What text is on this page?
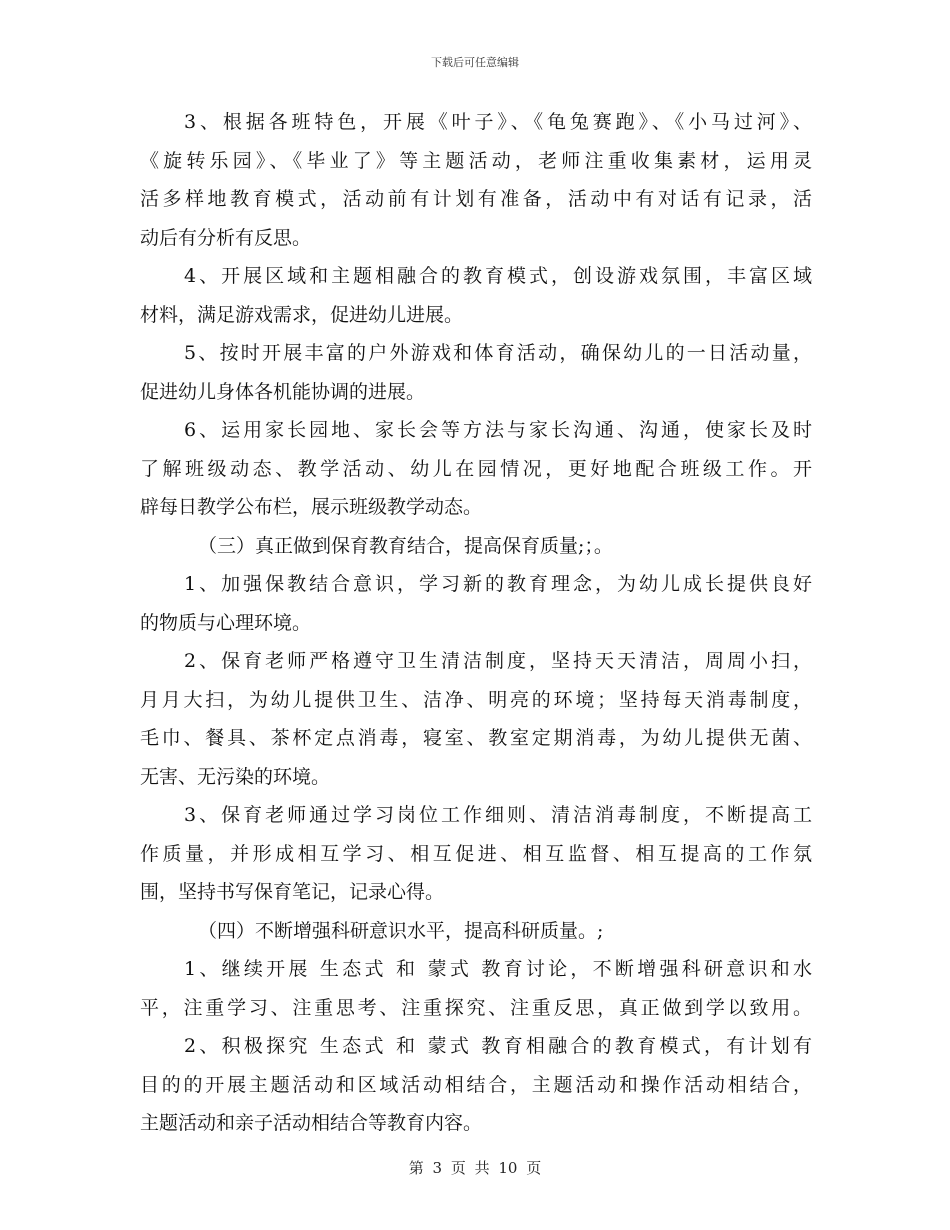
下载后可任意编辑
3、根据各班特色，开展《叶子》、《龟兔赛跑》、《小马过河》、
《旋转乐园》、《毕业了》等主题活动，老师注重收集素材，运用灵
活多样地教育模式，活动前有计划有准备，活动中有对话有记录，活
动后有分析有反思。
4、开展区域和主题相融合的教育模式，创设游戏氛围，丰富区域
材料，满足游戏需求，促进幼儿进展。
5、按时开展丰富的户外游戏和体育活动，确保幼儿的一日活动量，
促进幼儿身体各机能协调的进展。
6、运用家长园地、家长会等方法与家长沟通、沟通，使家长及时
了解班级动态、教学活动、幼儿在园情况，更好地配合班级工作。开
辟每日教学公布栏，展示班级教学动态。
（三）真正做到保育教育结合，提高保育质量;；。
1、加强保教结合意识，学习新的教育理念，为幼儿成长提供良好
的物质与心理环境。
2、保育老师严格遵守卫生清洁制度，坚持天天清洁，周周小扫，
月月大扫，为幼儿提供卫生、洁净、明亮的环境；坚持每天消毒制度，
毛巾、餐具、茶杯定点消毒，寝室、教室定期消毒，为幼儿提供无菌、
无害、无污染的环境。
3、保育老师通过学习岗位工作细则、清洁消毒制度，不断提高工
作质量，并形成相互学习、相互促进、相互监督、相互提高的工作氛
围，坚持书写保育笔记，记录心得。
（四）不断增强科研意识水平，提高科研质量。;
1、继续开展 生态式 和 蒙式 教育讨论，不断增强科研意识和水
平，注重学习、注重思考、注重探究、注重反思，真正做到学以致用。
2、积极探究 生态式 和 蒙式 教育相融合的教育模式，有计划有
目的的开展主题活动和区域活动相结合，主题活动和操作活动相结合，
主题活动和亲子活动相结合等教育内容。
第 3 页 共 10 页
